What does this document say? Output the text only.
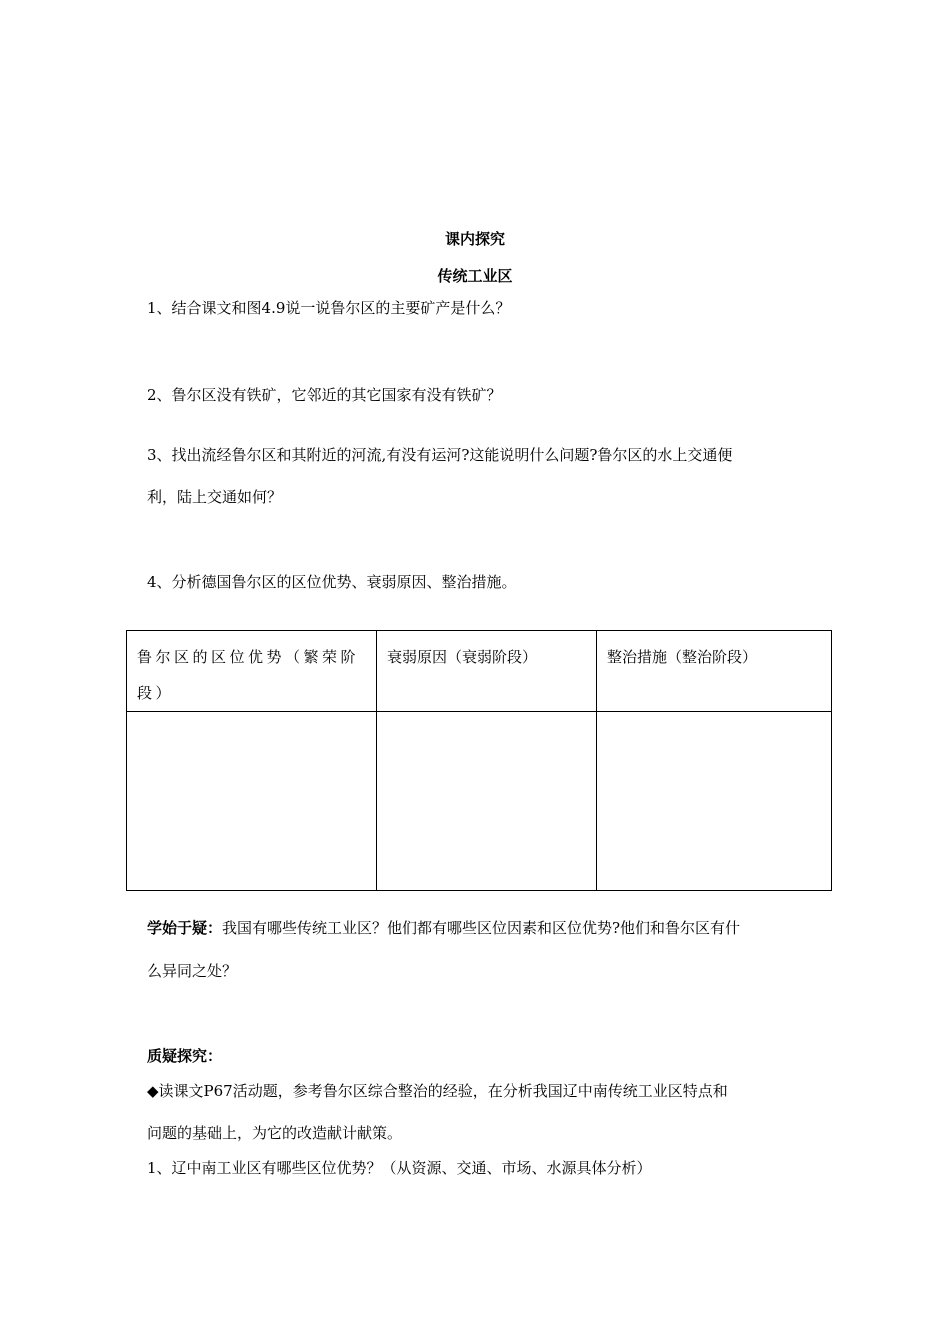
课内探究
传统工业区
1、结合课文和图4.9说一说鲁尔区的主要矿产是什么？
2、鲁尔区没有铁矿，它邻近的其它国家有没有铁矿？
3、找出流经鲁尔区和其附近的河流,有没有运河?这能说明什么问题?鲁尔区的水上交通便
利，陆上交通如何？
4、分析德国鲁尔区的区位优势、衰弱原因、整治措施。
鲁尔区的区位优势（繁荣阶段）	衰弱原因（衰弱阶段）	整治措施（整治阶段）

学始于疑：我国有哪些传统工业区？他们都有哪些区位因素和区位优势?他们和鲁尔区有什
么异同之处？
质疑探究：
◆读课文P67活动题，参考鲁尔区综合整治的经验，在分析我国辽中南传统工业区特点和
问题的基础上，为它的改造献计献策。
1、辽中南工业区有哪些区位优势？（从资源、交通、市场、水源具体分析）
